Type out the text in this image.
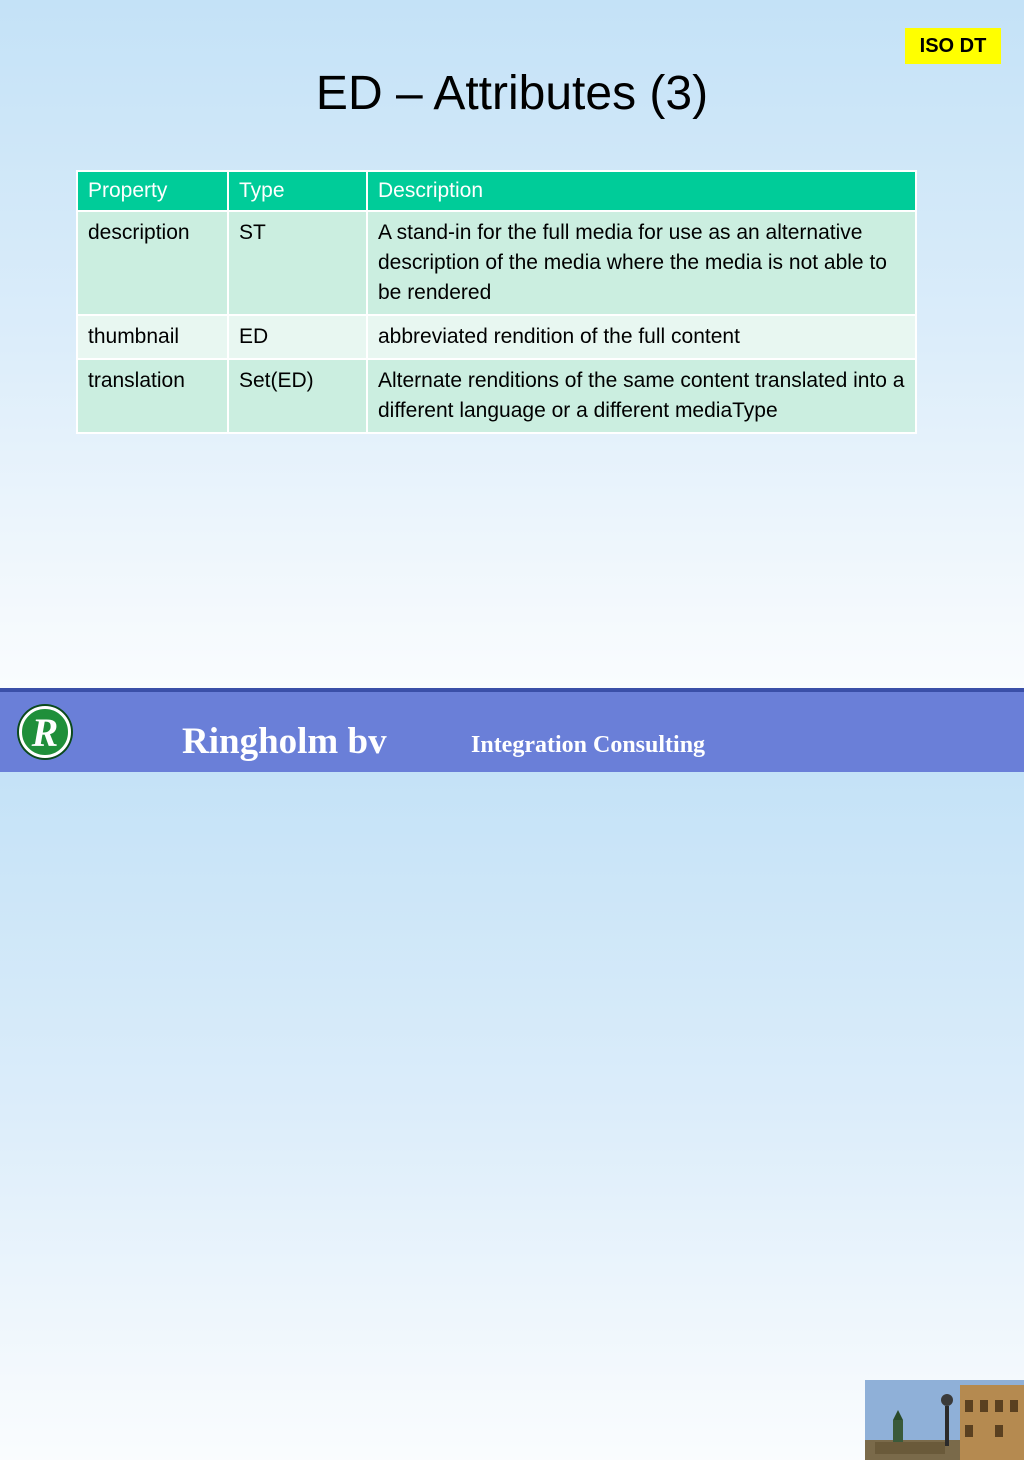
ISO DT
ED – Attributes (3)
Property	Type	Description
description	ST	A stand-in for the full media for use as an alternative description of the media where the media is not able to be rendered
thumbnail	ED	abbreviated rendition of the full content
translation	Set(ED)	Alternate renditions of the same content translated into a different language or a different mediaType
R	Ringholm bv	Integration Consulting
